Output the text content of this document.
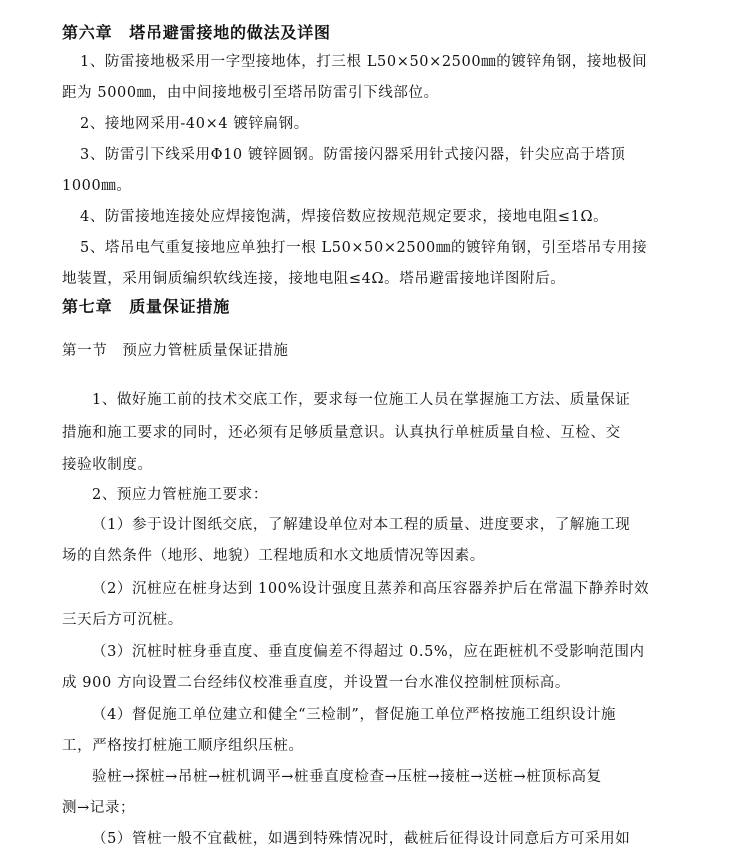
第六章　塔吊避雷接地的做法及详图
1、防雷接地极采用一字型接地体，打三根 L50×50×2500㎜的镀锌角钢，接地极间
距为 5000㎜，由中间接地极引至塔吊防雷引下线部位。
2、接地网采用-40×4 镀锌扁钢。
3、防雷引下线采用Φ10 镀锌圆钢。防雷接闪器采用针式接闪器，针尖应高于塔顶
1000㎜。
4、防雷接地连接处应焊接饱满，焊接倍数应按规范规定要求，接地电阻≤1Ω。
5、塔吊电气重复接地应单独打一根 L50×50×2500㎜的镀锌角钢，引至塔吊专用接
地装置，采用铜质编织软线连接，接地电阻≤4Ω。塔吊避雷接地详图附后。
第七章　质量保证措施
第一节　预应力管桩质量保证措施
1、做好施工前的技术交底工作，要求每一位施工人员在掌握施工方法、质量保证
措施和施工要求的同时，还必须有足够质量意识。认真执行单桩质量自检、互检、交
接验收制度。
2、预应力管桩施工要求：
（1）参于设计图纸交底，了解建设单位对本工程的质量、进度要求，了解施工现
场的自然条件（地形、地貌）工程地质和水文地质情况等因素。
（2）沉桩应在桩身达到 100%设计强度且蒸养和高压容器养护后在常温下静养时效
三天后方可沉桩。
（3）沉桩时桩身垂直度、垂直度偏差不得超过 0.5%，应在距桩机不受影响范围内
成 900 方向设置二台经纬仪校准垂直度，并设置一台水准仪控制桩顶标高。
（4）督促施工单位建立和健全“三检制”，督促施工单位严格按施工组织设计施
工，严格按打桩施工顺序组织压桩。
验桩→探桩→吊桩→桩机调平→桩垂直度检查→压桩→接桩→送桩→桩顶标高复
测→记录；
（5）管桩一般不宜截桩，如遇到特殊情况时，截桩后征得设计同意后方可采用如
